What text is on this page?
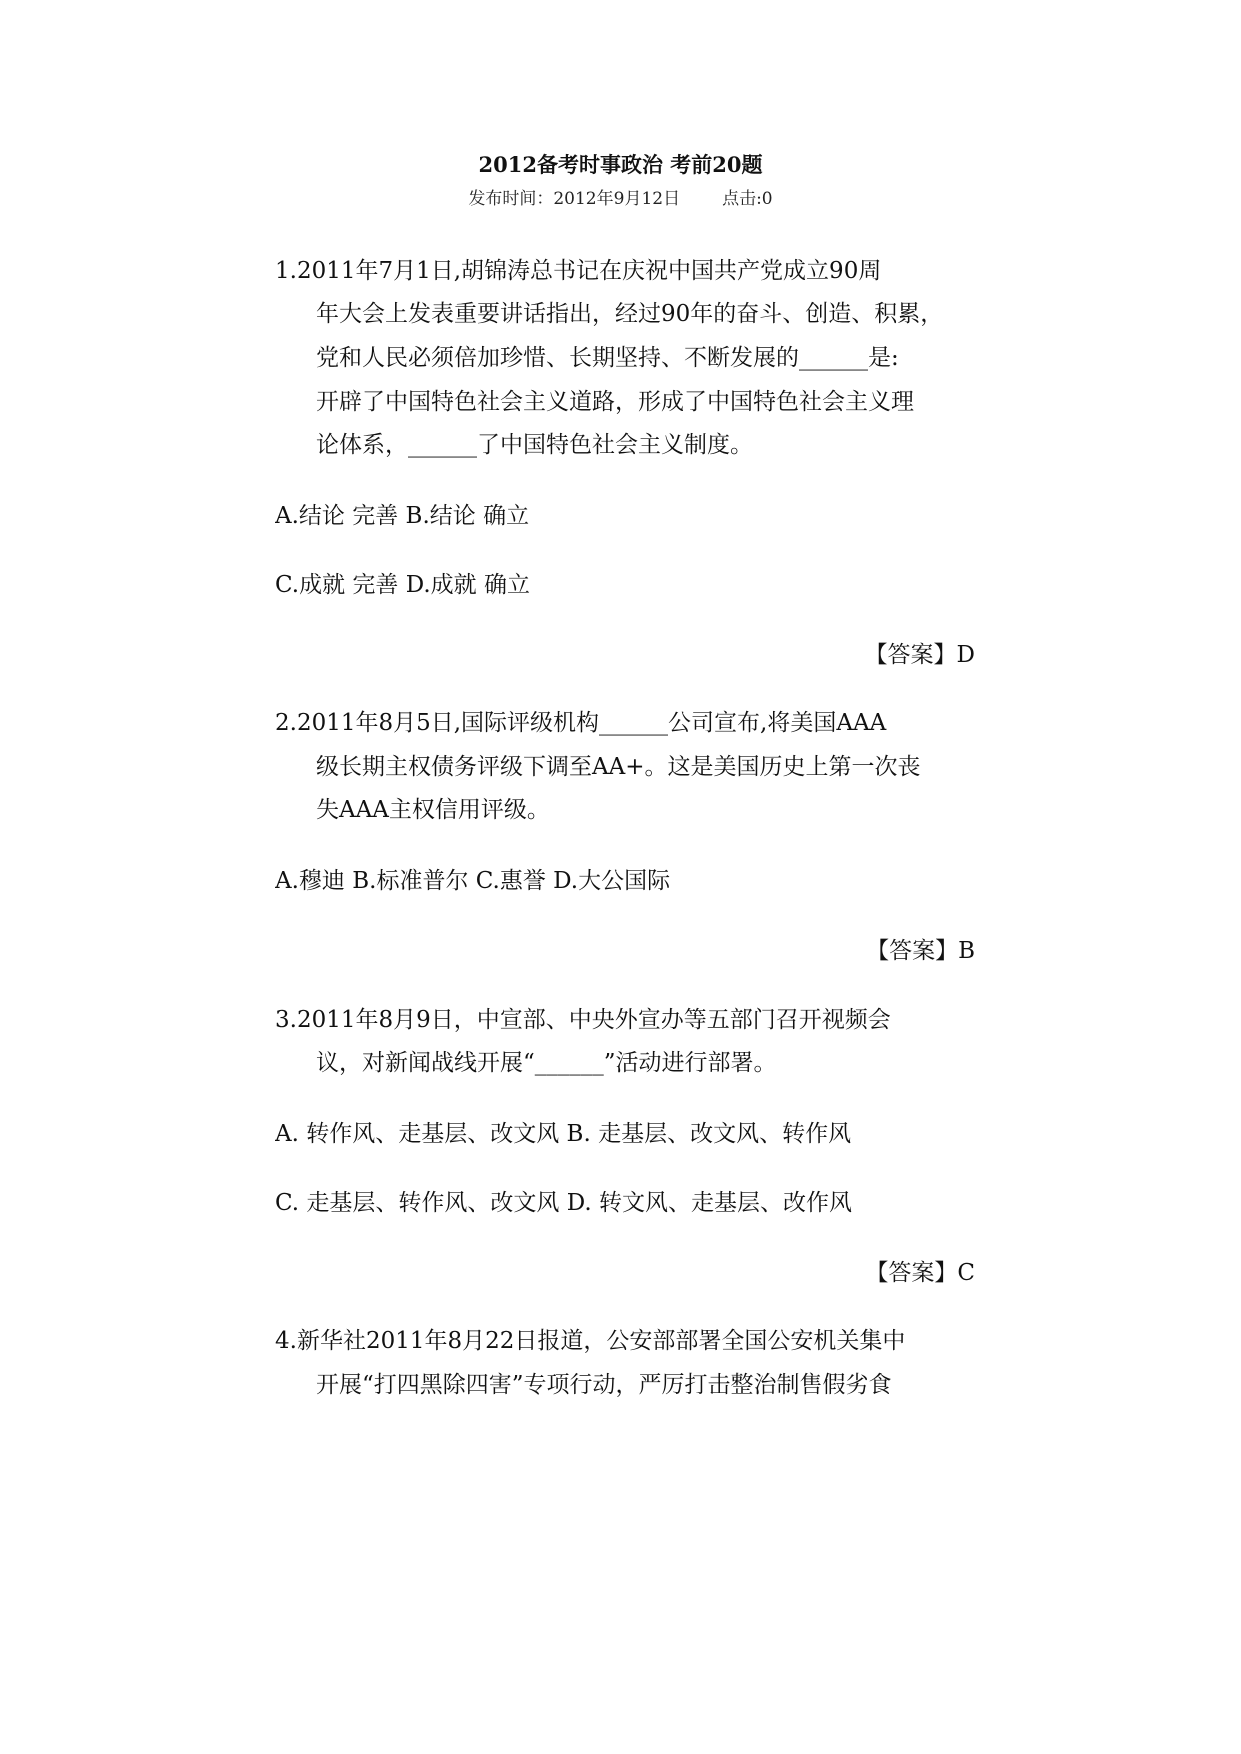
2012备考时事政治 考前20题
发布时间：2012年9月12日 点击:0
1.2011年7月1日,胡锦涛总书记在庆祝中国共产党成立90周
年大会上发表重要讲话指出，经过90年的奋斗、创造、积累，
党和人民必须倍加珍惜、长期坚持、不断发展的______是:
开辟了中国特色社会主义道路，形成了中国特色社会主义理
论体系，______了中国特色社会主义制度。
A.结论 完善 B.结论 确立
C.成就 完善 D.成就 确立
【答案】D
2.2011年8月5日,国际评级机构______公司宣布,将美国AAA
级长期主权债务评级下调至AA+。这是美国历史上第一次丧
失AAA主权信用评级。
A.穆迪 B.标准普尔 C.惠誉 D.大公国际
【答案】B
3.2011年8月9日，中宣部、中央外宣办等五部门召开视频会
议，对新闻战线开展“______”活动进行部署。
A. 转作风、走基层、改文风 B. 走基层、改文风、转作风
C. 走基层、转作风、改文风 D. 转文风、走基层、改作风
【答案】C
4.新华社2011年8月22日报道，公安部部署全国公安机关集中
开展“打四黑除四害”专项行动，严厉打击整治制售假劣食
